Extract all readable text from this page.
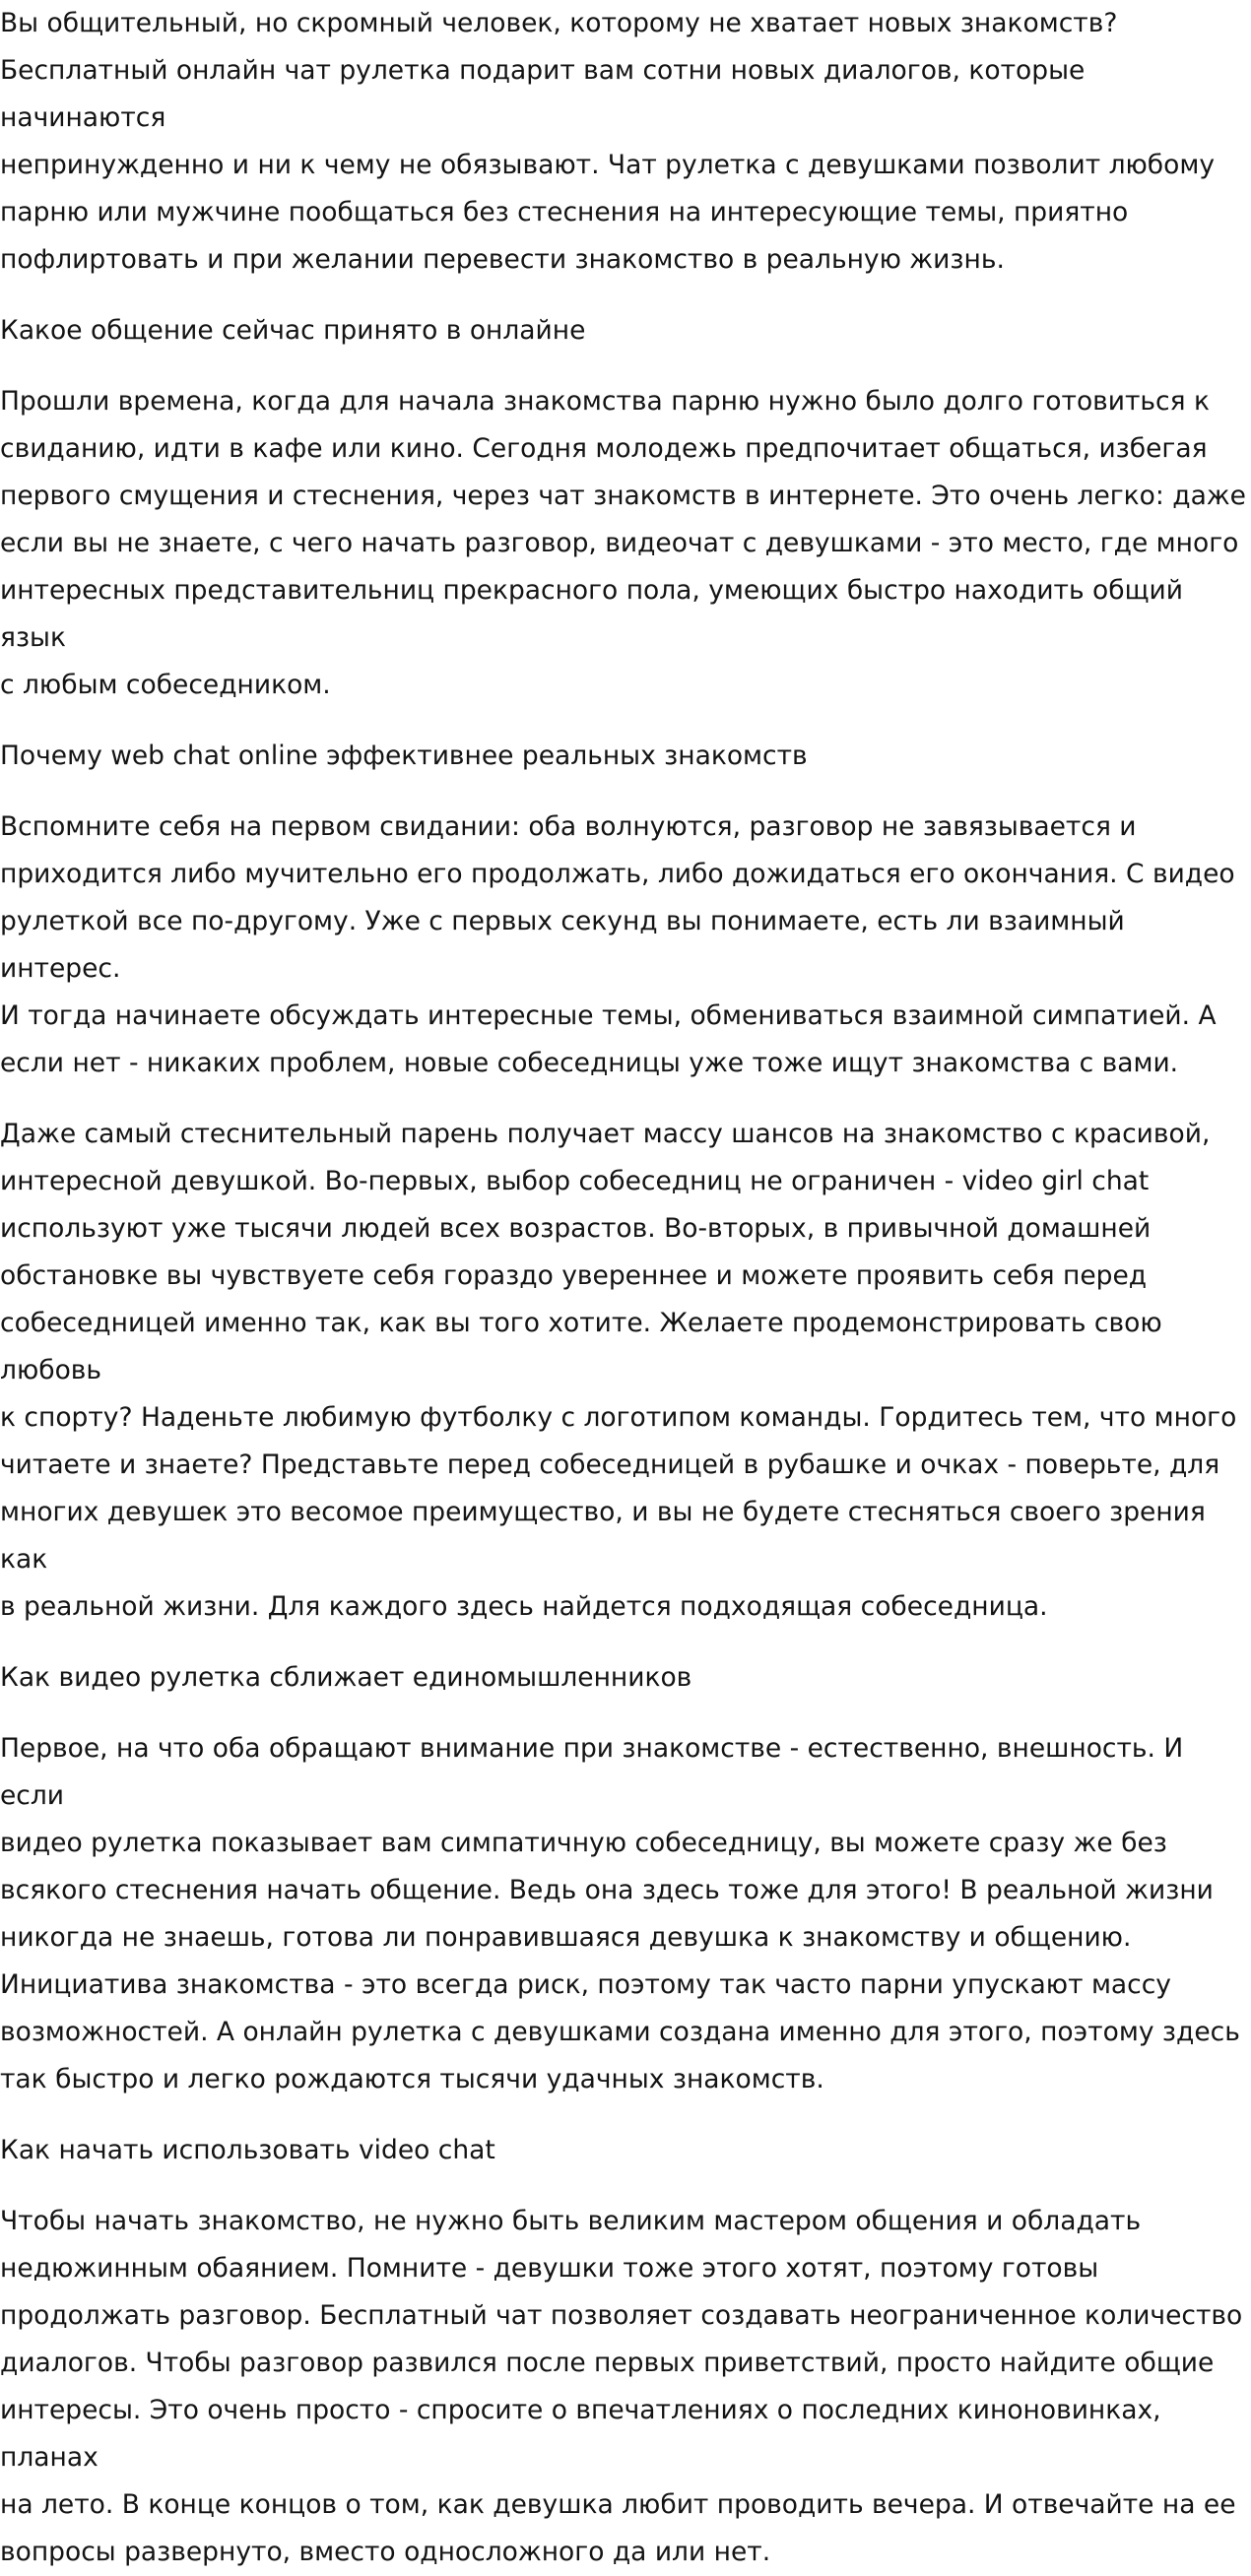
Вы общительный, но скромный человек, которому не хватает новых знакомств?
Бесплатный онлайн чат рулетка подарит вам сотни новых диалогов, которые начинаются
непринужденно и ни к чему не обязывают. Чат рулетка с девушками позволит любому
парню или мужчине пообщаться без стеснения на интересующие темы, приятно
пофлиртовать и при желании перевести знакомство в реальную жизнь.

Какое общение сейчас принято в онлайне

Прошли времена, когда для начала знакомства парню нужно было долго готовиться к
свиданию, идти в кафе или кино. Сегодня молодежь предпочитает общаться, избегая
первого смущения и стеснения, через чат знакомств в интернете. Это очень легко: даже
если вы не знаете, с чего начать разговор, видеочат с девушками - это место, где много
интересных представительниц прекрасного пола, умеющих быстро находить общий язык
с любым собеседником.

Почему web chat online эффективнее реальных знакомств

Вспомните себя на первом свидании: оба волнуются, разговор не завязывается и
приходится либо мучительно его продолжать, либо дожидаться его окончания. С видео
рулеткой все по-другому. Уже с первых секунд вы понимаете, есть ли взаимный интерес.
И тогда начинаете обсуждать интересные темы, обмениваться взаимной симпатией. А
если нет - никаких проблем, новые собеседницы уже тоже ищут знакомства с вами.

Даже самый стеснительный парень получает массу шансов на знакомство с красивой,
интересной девушкой. Во-первых, выбор собеседниц не ограничен - video girl chat
используют уже тысячи людей всех возрастов. Во-вторых, в привычной домашней
обстановке вы чувствуете себя гораздо увереннее и можете проявить себя перед
собеседницей именно так, как вы того хотите. Желаете продемонстрировать свою любовь
к спорту? Наденьте любимую футболку с логотипом команды. Гордитесь тем, что много
читаете и знаете? Представьте перед собеседницей в рубашке и очках - поверьте, для
многих девушек это весомое преимущество, и вы не будете стесняться своего зрения как
в реальной жизни. Для каждого здесь найдется подходящая собеседница.

Как видео рулетка сближает единомышленников

Первое, на что оба обращают внимание при знакомстве - естественно, внешность. И если
видео рулетка показывает вам симпатичную собеседницу, вы можете сразу же без
всякого стеснения начать общение. Ведь она здесь тоже для этого! В реальной жизни
никогда не знаешь, готова ли понравившаяся девушка к знакомству и общению.
Инициатива знакомства - это всегда риск, поэтому так часто парни упускают массу
возможностей. А онлайн рулетка с девушками создана именно для этого, поэтому здесь
так быстро и легко рождаются тысячи удачных знакомств.

Как начать использовать video chat

Чтобы начать знакомство, не нужно быть великим мастером общения и обладать
недюжинным обаянием. Помните - девушки тоже этого хотят, поэтому готовы
продолжать разговор. Бесплатный чат позволяет создавать неограниченное количество
диалогов. Чтобы разговор развился после первых приветствий, просто найдите общие
интересы. Это очень просто - спросите о впечатлениях о последних киноновинках, планах
на лето. В конце концов о том, как девушка любит проводить вечера. И отвечайте на ее
вопросы развернуто, вместо односложного да или нет.
